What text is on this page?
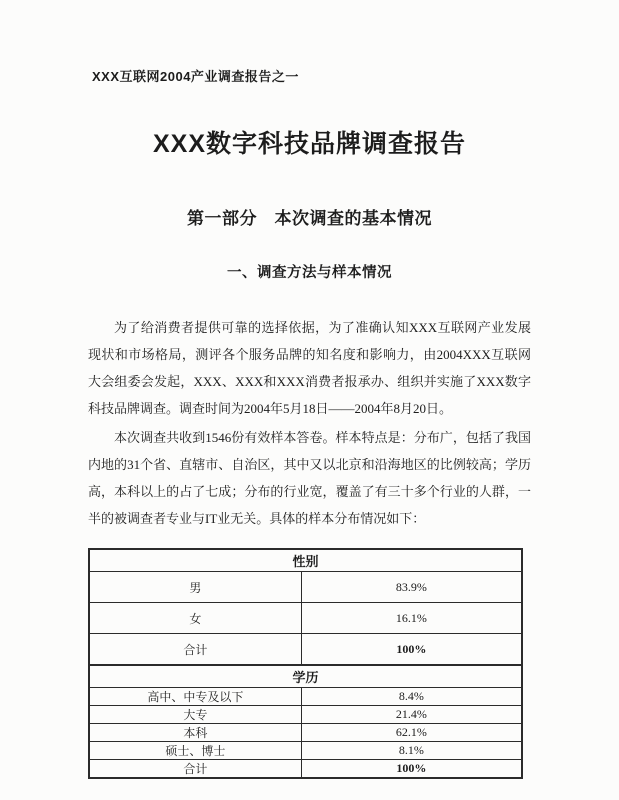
XXX互联网2004产业调查报告之一
XXX数字科技品牌调查报告
第一部分　本次调查的基本情况
一、调查方法与样本情况

为了给消费者提供可靠的选择依据，为了准确认知XXX互联网产业发展现状和市场格局，测评各个服务品牌的知名度和影响力，由2004XXX互联网大会组委会发起，XXX、XXX和XXX消费者报承办、组织并实施了XXX数字科技品牌调查。调查时间为2004年5月18日——2004年8月20日。

本次调查共收到1546份有效样本答卷。样本特点是：分布广，包括了我国内地的31个省、直辖市、自治区，其中又以北京和沿海地区的比例较高；学历高，本科以上的占了七成；分布的行业宽，覆盖了有三十多个行业的人群，一半的被调查者专业与IT业无关。具体的样本分布情况如下：

性别	
男	83.9%
女	16.1%
合计	100%
学历	
高中、中专及以下	8.4%
大专	21.4%
本科	62.1%
硕士、博士	8.1%
合计	100%
